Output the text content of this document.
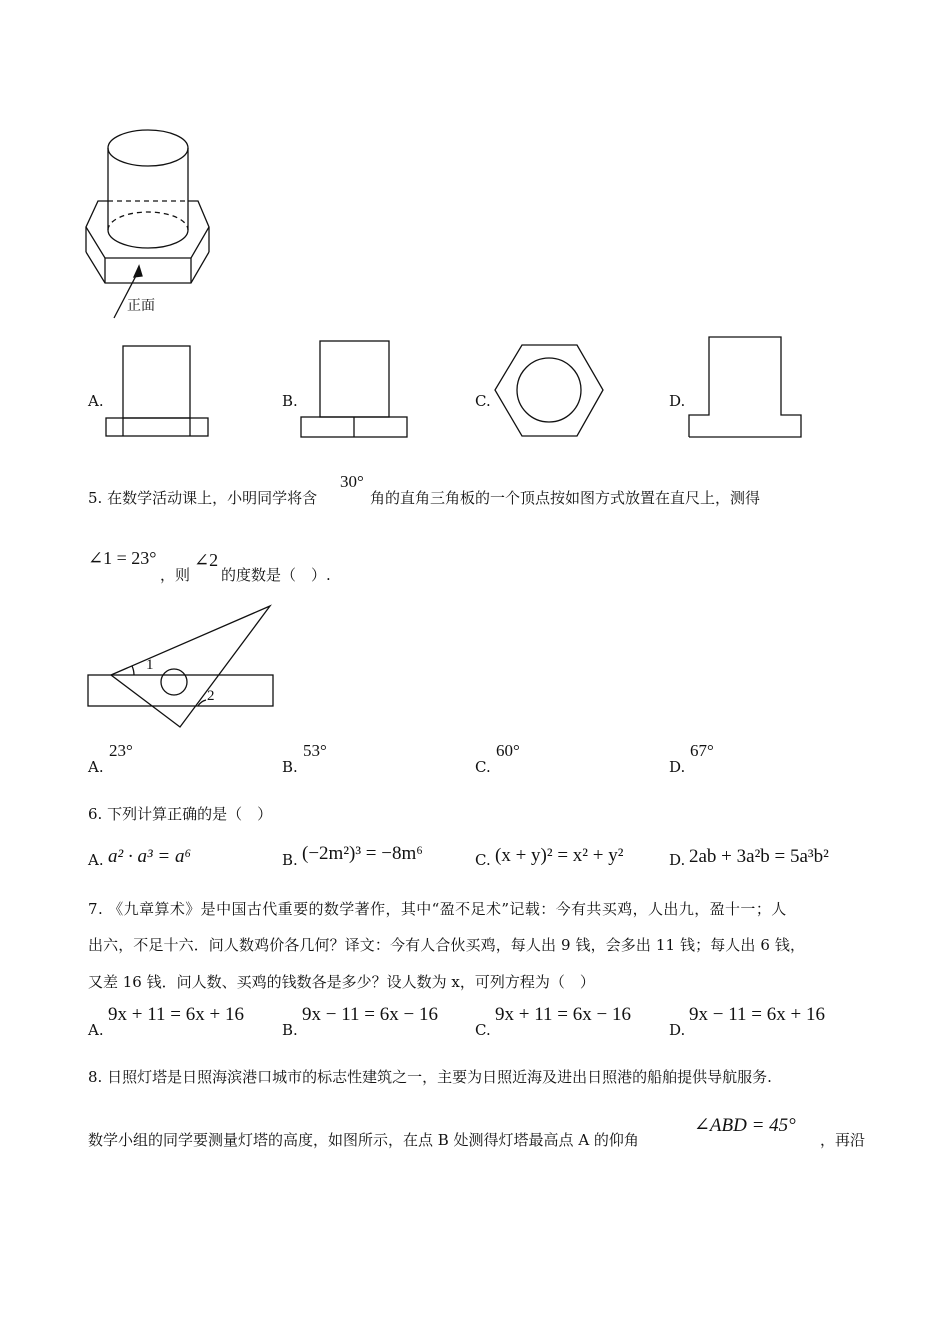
正面
A.	B.	C.	D.
5. 在数学活动课上，小明同学将含
30°
角的直角三角板的一个顶点按如图方式放置在直尺上，测得
∠1 = 23°
，则
∠2
的度数是（　）.
1
2
A.
23°
B.
53°
C.
60°
D.
67°
6. 下列计算正确的是（　）
A. a² · a³ = a⁶	B. (−2m²)³ = −8m⁶	C. (x + y)² = x² + y²	D. 2ab + 3a²b = 5a³b²
7. 《九章算术》是中国古代重要的数学著作，其中“盈不足术”记载：今有共买鸡，人出九，盈十一；人
出六，不足十六．问人数鸡价各几何？译文：今有人合伙买鸡，每人出 9 钱，会多出 11 钱；每人出 6 钱，
又差 16 钱．问人数、买鸡的钱数各是多少？设人数为 x，可列方程为（　）
A.
9x + 11 = 6x + 16
B.
9x − 11 = 6x − 16
C.
9x + 11 = 6x − 16
D.
9x − 11 = 6x + 16
8. 日照灯塔是日照海滨港口城市的标志性建筑之一，主要为日照近海及进出日照港的船舶提供导航服务.
数学小组的同学要测量灯塔的高度，如图所示，在点 B 处测得灯塔最高点 A 的仰角
∠ABD = 45°
，再沿
